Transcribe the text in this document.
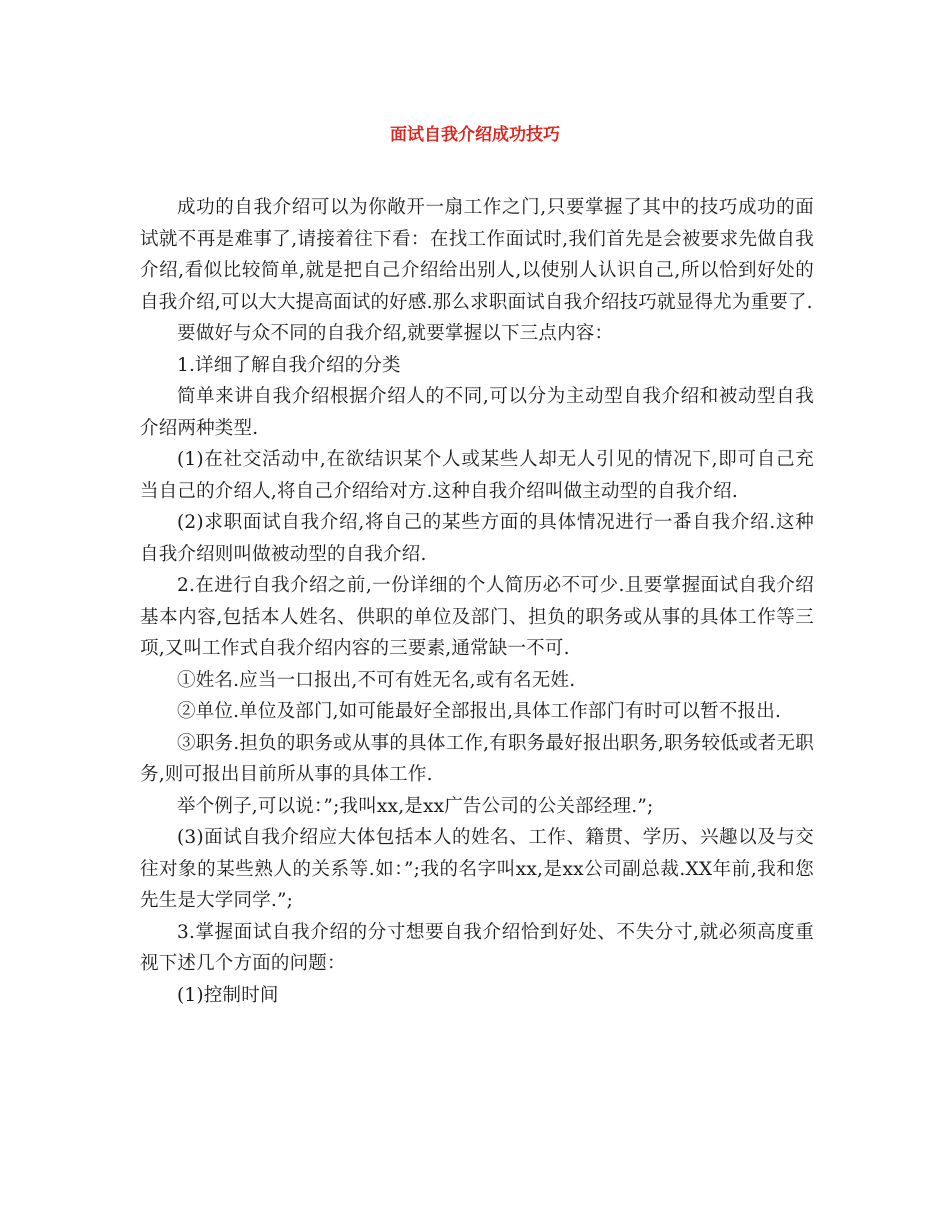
面试自我介绍成功技巧

成功的自我介绍可以为你敞开一扇工作之门,只要掌握了其中的技巧成功的面试就不再是难事了,请接着往下看：在找工作面试时,我们首先是会被要求先做自我介绍,看似比较简单,就是把自己介绍给出别人,以使别人认识自己,所以恰到好处的自我介绍,可以大大提高面试的好感.那么求职面试自我介绍技巧就显得尤为重要了.

要做好与众不同的自我介绍,就要掌握以下三点内容：

1.详细了解自我介绍的分类

简单来讲自我介绍根据介绍人的不同,可以分为主动型自我介绍和被动型自我介绍两种类型.

(1)在社交活动中,在欲结识某个人或某些人却无人引见的情况下,即可自己充当自己的介绍人,将自己介绍给对方.这种自我介绍叫做主动型的自我介绍.

(2)求职面试自我介绍,将自己的某些方面的具体情况进行一番自我介绍.这种自我介绍则叫做被动型的自我介绍.

2.在进行自我介绍之前,一份详细的个人简历必不可少.且要掌握面试自我介绍基本内容,包括本人姓名、供职的单位及部门、担负的职务或从事的具体工作等三项,又叫工作式自我介绍内容的三要素,通常缺一不可.

①姓名.应当一口报出,不可有姓无名,或有名无姓.

②单位.单位及部门,如可能最好全部报出,具体工作部门有时可以暂不报出.

③职务.担负的职务或从事的具体工作,有职务最好报出职务,职务较低或者无职务,则可报出目前所从事的具体工作.

举个例子,可以说：”;我叫xx,是xx广告公司的公关部经理.”;

(3)面试自我介绍应大体包括本人的姓名、工作、籍贯、学历、兴趣以及与交往对象的某些熟人的关系等.如：”;我的名字叫xx,是xx公司副总裁.XX年前,我和您先生是大学同学.”;

3.掌握面试自我介绍的分寸想要自我介绍恰到好处、不失分寸,就必须高度重视下述几个方面的问题：

(1)控制时间
